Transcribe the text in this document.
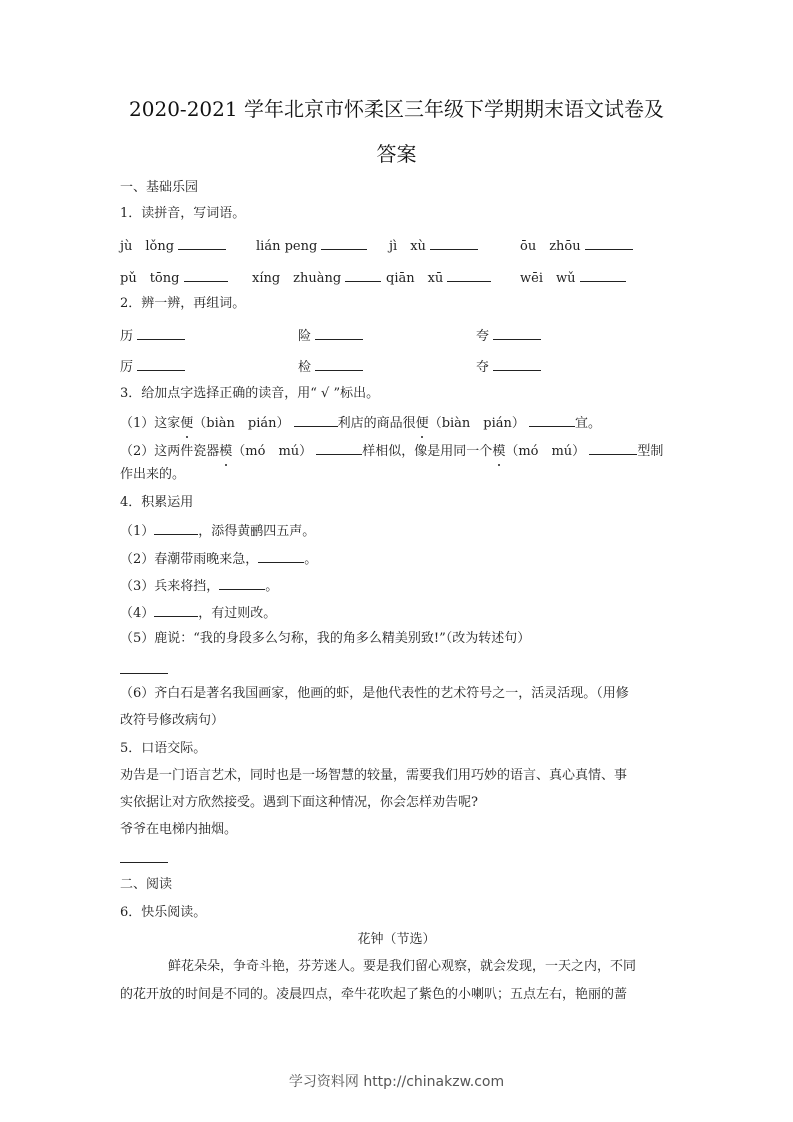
2020-2021 学年北京市怀柔区三年级下学期期末语文试卷及
答案
一、基础乐园
1．读拼音，写词语。
jù　lǒng	lián peng	jì　xù	ōu　zhōu
pǔ　tōng	xíng　zhuàng	qiān　xū	wēi　wǔ
2．辨一辨，再组词。
历	险	夸
厉	检	夺
3．给加点字选择正确的读音，用“ √ ”标出。
（1）这家便（biàn　pián）	利店的商品很便（biàn　pián）	宜。
（2）这两件瓷器模（mó　mú）	样相似，像是用同一个模（mó　mú）	型制
作出来的。
4．积累运用
（1）	，添得黄鹂四五声。
（2）春潮带雨晚来急，	。
（3）兵来将挡，	。
（4）	，有过则改。
（5）鹿说：“我的身段多么匀称，我的角多么精美别致!”（改为转述句）
（6）齐白石是著名我国画家，他画的虾，是他代表性的艺术符号之一，活灵活现。（用修
改符号修改病句）
5．口语交际。
劝告是一门语言艺术，同时也是一场智慧的较量，需要我们用巧妙的语言、真心真情、事
实依据让对方欣然接受。遇到下面这种情况，你会怎样劝告呢?
爷爷在电梯内抽烟。
二、阅读
6．快乐阅读。
花钟（节选）
鲜花朵朵，争奇斗艳，芬芳迷人。要是我们留心观察，就会发现，一天之内，不同
的花开放的时间是不同的。凌晨四点，牵牛花吹起了紫色的小喇叭；五点左右，艳丽的蔷
学习资料网 http://chinakzw.com
